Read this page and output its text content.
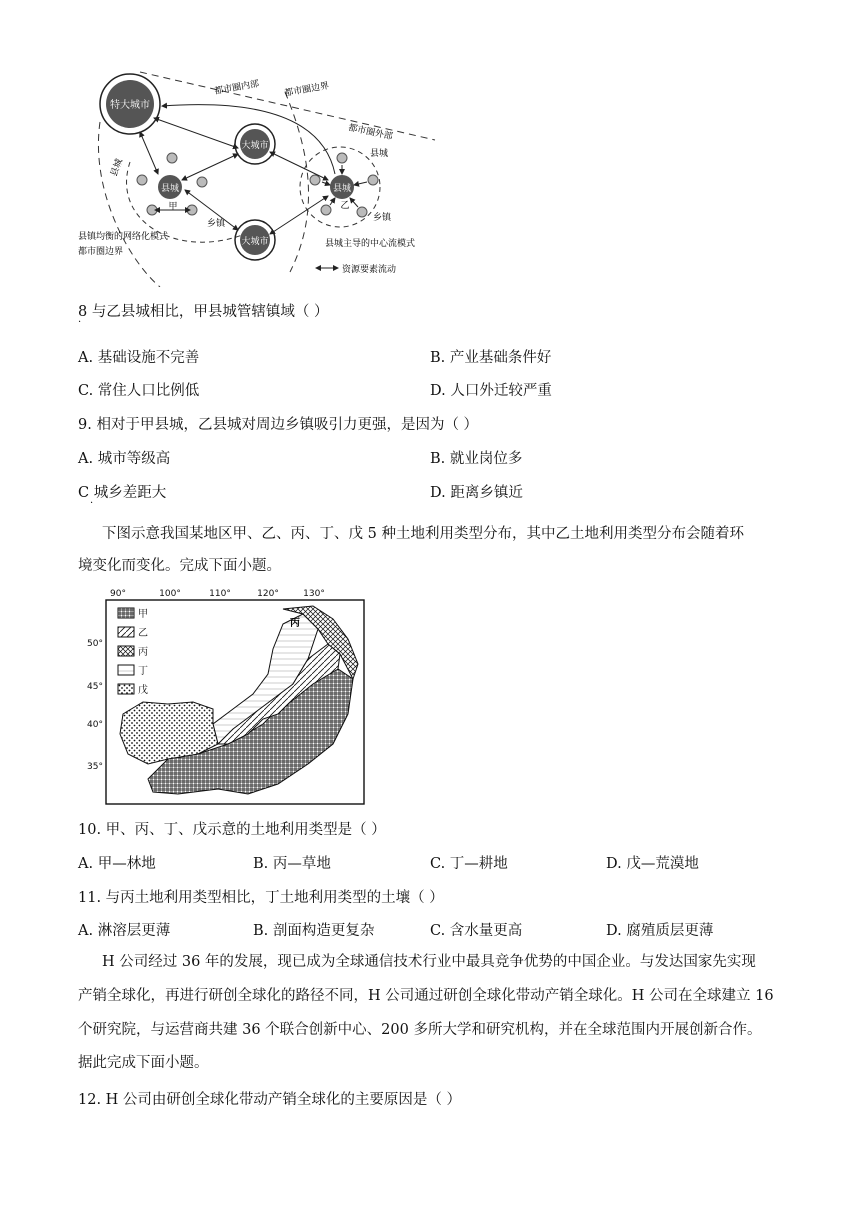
特大城市
大城市
大城市
县城
甲
县城
乙
都市圈内部	都市圈边界
都市圈外部
县城
县城
乡镇
乡镇
县镇均衡的网络化模式
都市圈边界
县城主导的中心流模式
资源要素流动
8 与乙县城相比，甲县城管辖镇域（ ）
·
A. 基础设施不完善	B. 产业基础条件好
C. 常住人口比例低	D. 人口外迁较严重
9. 相对于甲县城，乙县城对周边乡镇吸引力更强，是因为（ ）
A. 城市等级高	B. 就业岗位多
C 城乡差距大	D. 距离乡镇近
·
下图示意我国某地区甲、乙、丙、丁、戊 5 种土地利用类型分布，其中乙土地利用类型分布会随着环
境变化而变化。完成下面小题。
90°	100°	110°	120°	130°
50°
45°
40°
35°
丙
甲
乙
丙
丁
戊
10. 甲、丙、丁、戊示意的土地利用类型是（ ）
A. 甲—林地	B. 丙—草地	C. 丁—耕地	D. 戊—荒漠地
11. 与丙土地利用类型相比，丁土地利用类型的土壤（ ）
A. 淋溶层更薄	B. 剖面构造更复杂	C. 含水量更高	D. 腐殖质层更薄
H 公司经过 36 年的发展，现已成为全球通信技术行业中最具竞争优势的中国企业。与发达国家先实现
产销全球化，再进行研创全球化的路径不同，H 公司通过研创全球化带动产销全球化。H 公司在全球建立 16
个研究院，与运营商共建 36 个联合创新中心、200 多所大学和研究机构，并在全球范围内开展创新合作。
据此完成下面小题。
12. H 公司由研创全球化带动产销全球化的主要原因是（ ）
